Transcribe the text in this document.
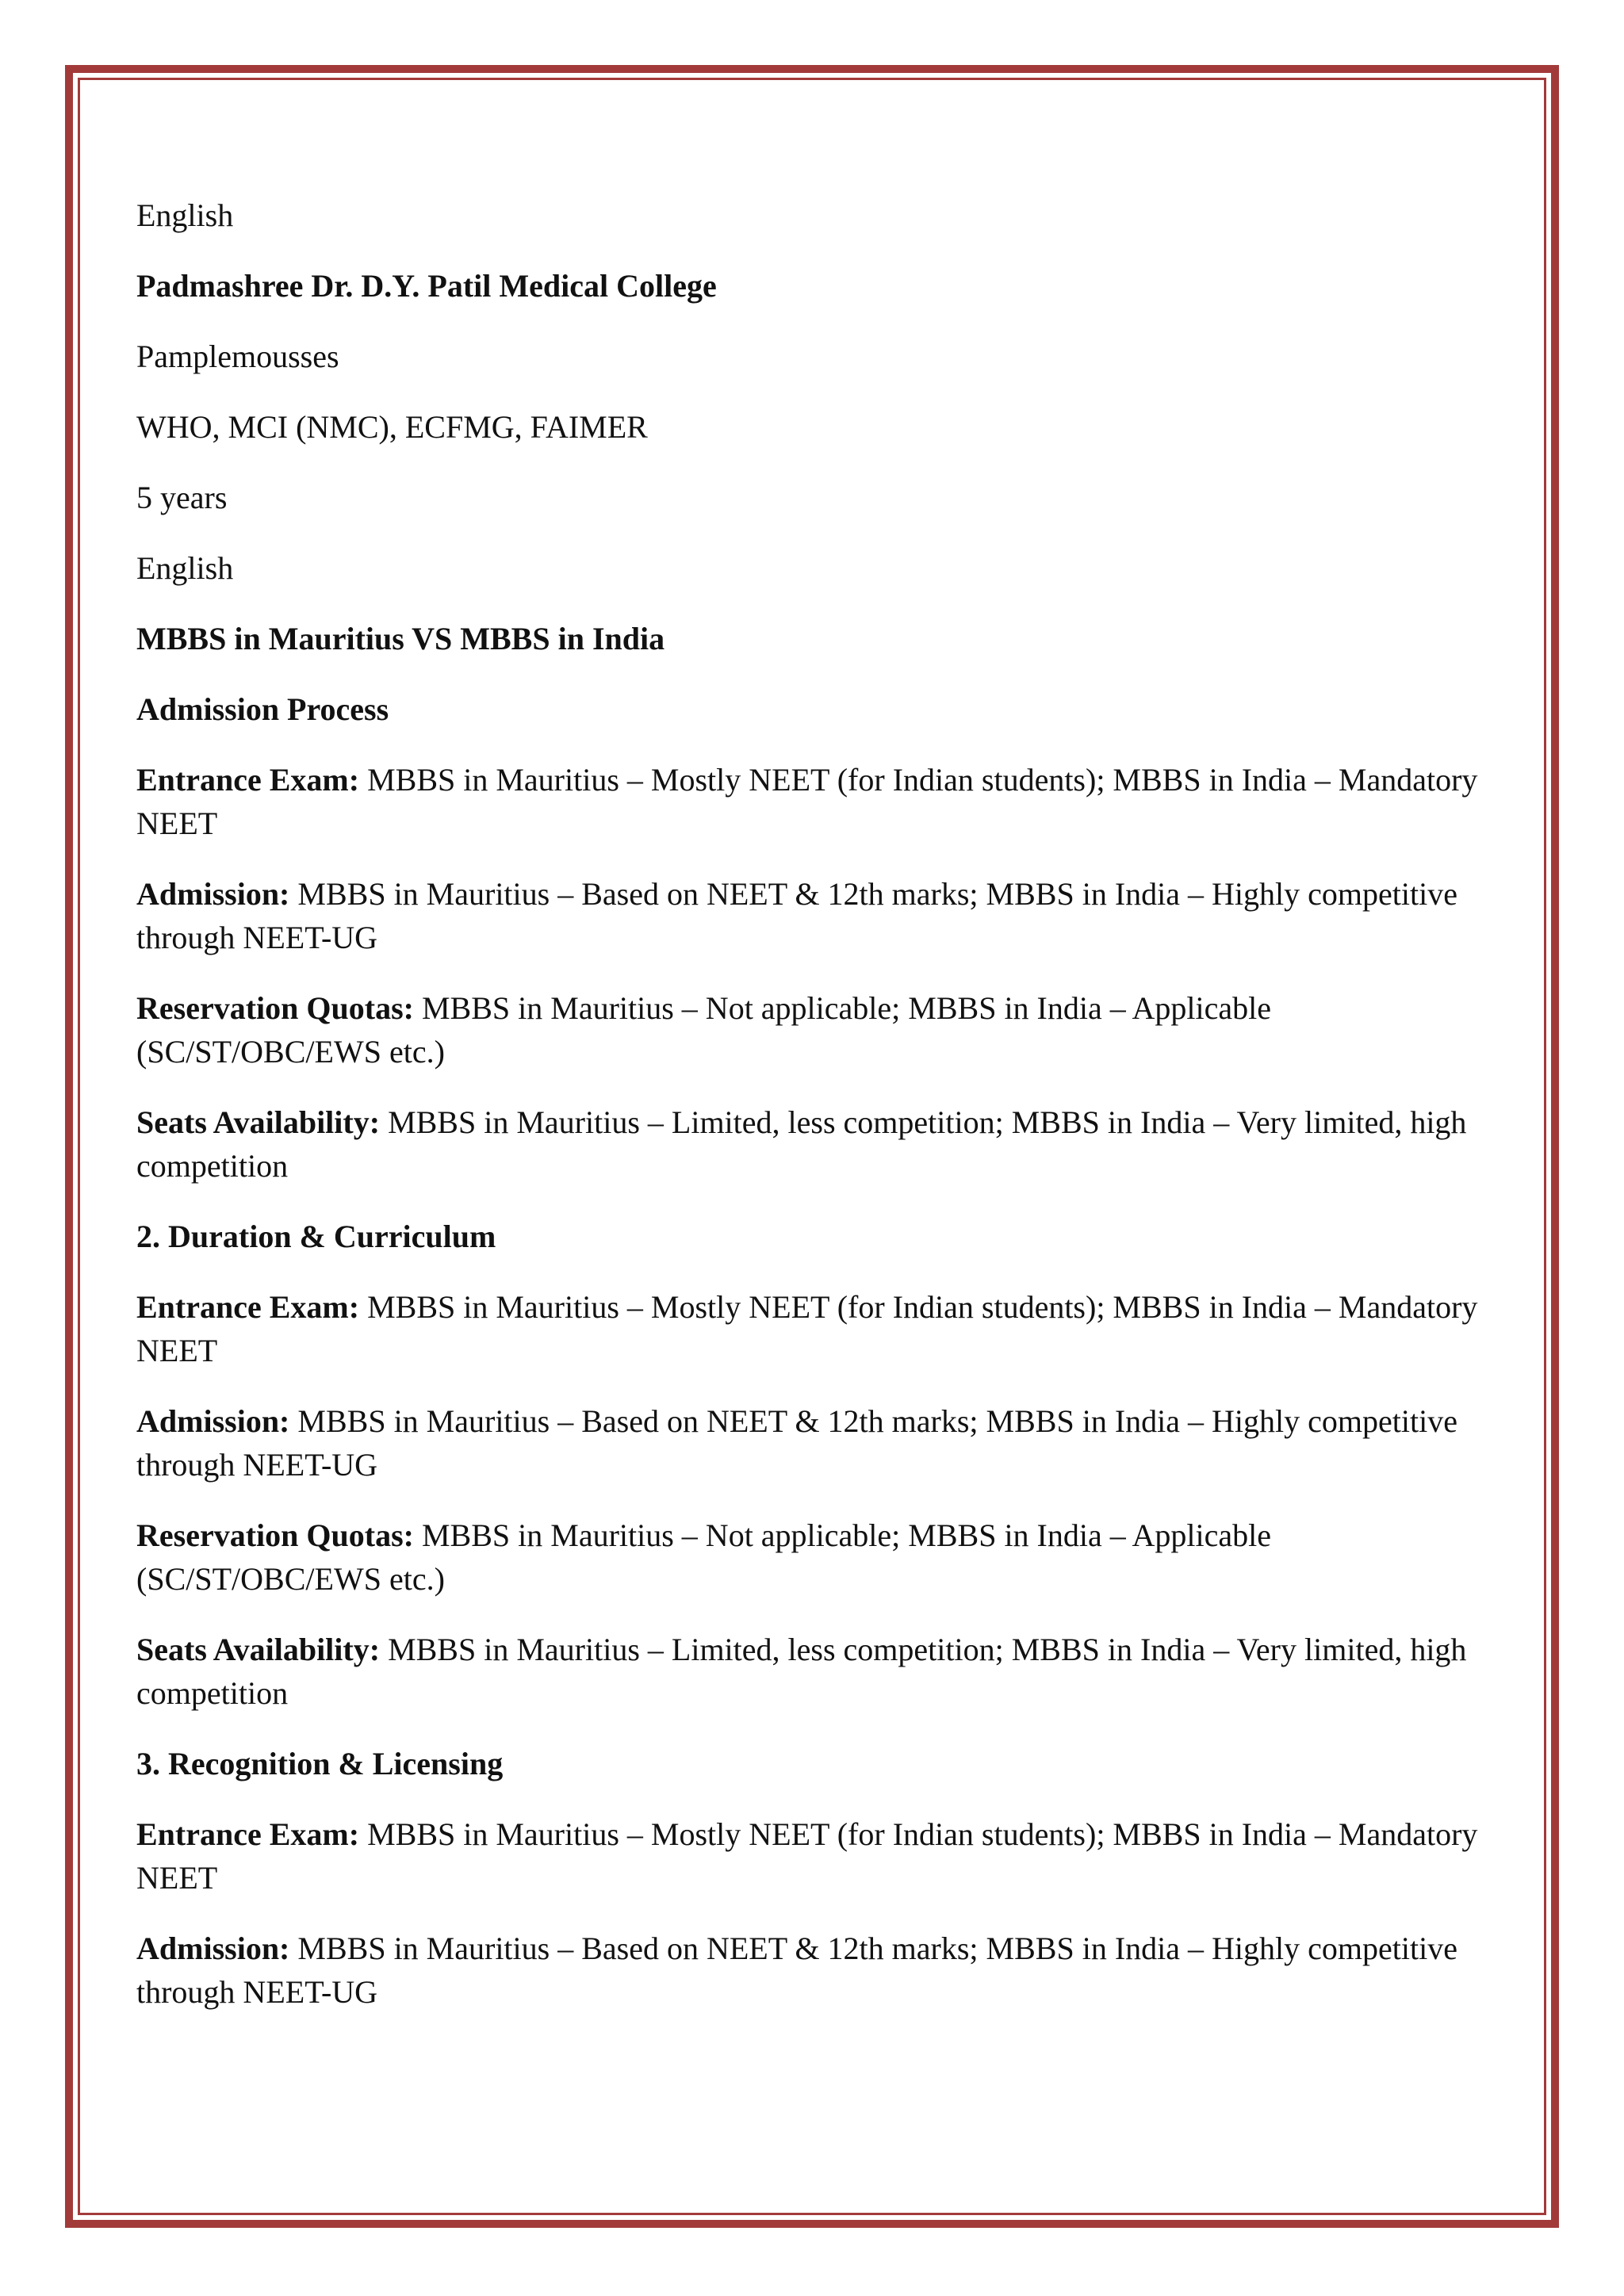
English

Padmashree Dr. D.Y. Patil Medical College

Pamplemousses

WHO, MCI (NMC), ECFMG, FAIMER

5 years

English

MBBS in Mauritius VS MBBS in India

Admission Process

Entrance Exam: MBBS in Mauritius – Mostly NEET (for Indian students); MBBS in India – Mandatory NEET

Admission: MBBS in Mauritius – Based on NEET & 12th marks; MBBS in India – Highly competitive through NEET-UG

Reservation Quotas: MBBS in Mauritius – Not applicable; MBBS in India – Applicable (SC/ST/OBC/EWS etc.)

Seats Availability: MBBS in Mauritius – Limited, less competition; MBBS in India – Very limited, high competition

2. Duration & Curriculum

Entrance Exam: MBBS in Mauritius – Mostly NEET (for Indian students); MBBS in India – Mandatory NEET

Admission: MBBS in Mauritius – Based on NEET & 12th marks; MBBS in India – Highly competitive through NEET-UG

Reservation Quotas: MBBS in Mauritius – Not applicable; MBBS in India – Applicable (SC/ST/OBC/EWS etc.)

Seats Availability: MBBS in Mauritius – Limited, less competition; MBBS in India – Very limited, high competition

3. Recognition & Licensing

Entrance Exam: MBBS in Mauritius – Mostly NEET (for Indian students); MBBS in India – Mandatory NEET

Admission: MBBS in Mauritius – Based on NEET & 12th marks; MBBS in India – Highly competitive through NEET-UG
